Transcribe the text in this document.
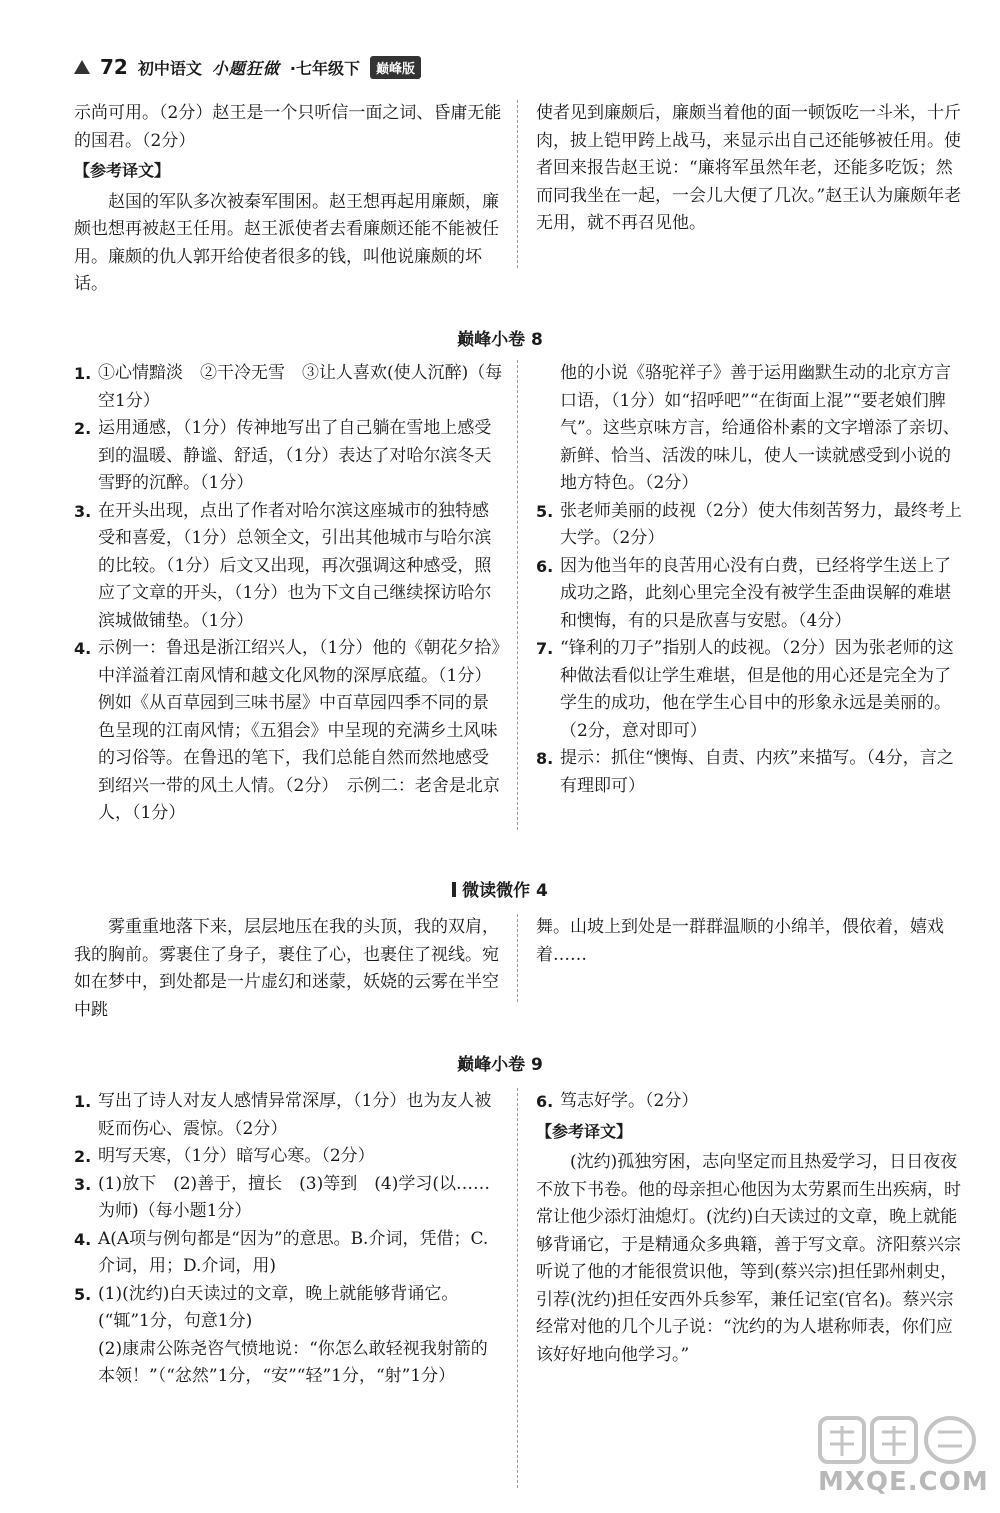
72 初中语文 小题狂做 ·七年级下	巅峰版

示尚可用。（2分）赵王是一个只听信一面之词、昏庸无能的国君。（2分）

【参考译文】

赵国的军队多次被秦军围困。赵王想再起用廉颇，廉颇也想再被赵王任用。赵王派使者去看廉颇还能不能被任用。廉颇的仇人郭开给使者很多的钱，叫他说廉颇的坏话。

使者见到廉颇后，廉颇当着他的面一顿饭吃一斗米，十斤肉，披上铠甲跨上战马，来显示出自己还能够被任用。使者回来报告赵王说：“廉将军虽然年老，还能多吃饭；然而同我坐在一起，一会儿大便了几次。”赵王认为廉颇年老无用，就不再召见他。

巅峰小卷 8
1. ①心情黯淡　②干冷无雪　③让人喜欢(使人沉醉)（每空1分）
2. 运用通感，（1分）传神地写出了自己躺在雪地上感受到的温暖、静谧、舒适，（1分）表达了对哈尔滨冬天雪野的沉醉。（1分）
3. 在开头出现，点出了作者对哈尔滨这座城市的独特感受和喜爱，（1分）总领全文，引出其他城市与哈尔滨的比较。（1分）后文又出现，再次强调这种感受，照应了文章的开头，（1分）也为下文自己继续探访哈尔滨城做铺垫。（1分）
4. 示例一：鲁迅是浙江绍兴人，（1分）他的《朝花夕拾》中洋溢着江南风情和越文化风物的深厚底蕴。（1分）例如《从百草园到三味书屋》中百草园四季不同的景色呈现的江南风情；《五猖会》中呈现的充满乡土风味的习俗等。在鲁迅的笔下，我们总能自然而然地感受到绍兴一带的风土人情。（2分）　示例二：老舍是北京人，（1分）

他的小说《骆驼祥子》善于运用幽默生动的北京方言口语，（1分）如“招呼吧”“在街面上混”“要老娘们脾气”。这些京味方言，给通俗朴素的文字增添了亲切、新鲜、恰当、活泼的味儿，使人一读就感受到小说的地方特色。（2分）

5. 张老师美丽的歧视（2分）使大伟刻苦努力，最终考上大学。（2分）
6. 因为他当年的良苦用心没有白费，已经将学生送上了成功之路，此刻心里完全没有被学生歪曲误解的难堪和懊悔，有的只是欣喜与安慰。（4分）
7. “锋利的刀子”指别人的歧视。（2分）因为张老师的这种做法看似让学生难堪，但是他的用心还是完全为了学生的成功，他在学生心目中的形象永远是美丽的。（2分，意对即可）
8. 提示：抓住“懊悔、自责、内疚”来描写。（4分，言之有理即可）
微读微作 4

雾重重地落下来，层层地压在我的头顶，我的双肩，我的胸前。雾裹住了身子，裹住了心，也裹住了视线。宛如在梦中，到处都是一片虚幻和迷蒙，妖娆的云雾在半空中跳

舞。山坡上到处是一群群温顺的小绵羊，偎依着，嬉戏着……

巅峰小卷 9
1. 写出了诗人对友人感情异常深厚，（1分）也为友人被贬而伤心、震惊。（2分）
2. 明写天寒，（1分）暗写心寒。（2分）
3. (1)放下　(2)善于，擅长　(3)等到　(4)学习(以……为师)（每小题1分）
4. A(A项与例句都是“因为”的意思。B.介词，凭借；C.介词，用；D.介词，用)
5. (1)(沈约)白天读过的文章，晚上就能够背诵它。(“辄”1分，句意1分)

(2)康肃公陈尧咨气愤地说：“你怎么敢轻视我射箭的本领！”（“忿然”1分，“安”“轻”1分，“射”1分）

6. 笃志好学。（2分）
【参考译文】

(沈约)孤独穷困，志向坚定而且热爱学习，日日夜夜不放下书卷。他的母亲担心他因为太劳累而生出疾病，时常让他少添灯油熄灯。(沈约)白天读过的文章，晚上就能够背诵它，于是精通众多典籍，善于写文章。济阳蔡兴宗听说了他的才能很赏识他，等到(蔡兴宗)担任郢州刺史，引荐(沈约)担任安西外兵参军，兼任记室(官名)。蔡兴宗经常对他的几个儿子说：“沈约的为人堪称师表，你们应该好好地向他学习。”

MXQE.COM
